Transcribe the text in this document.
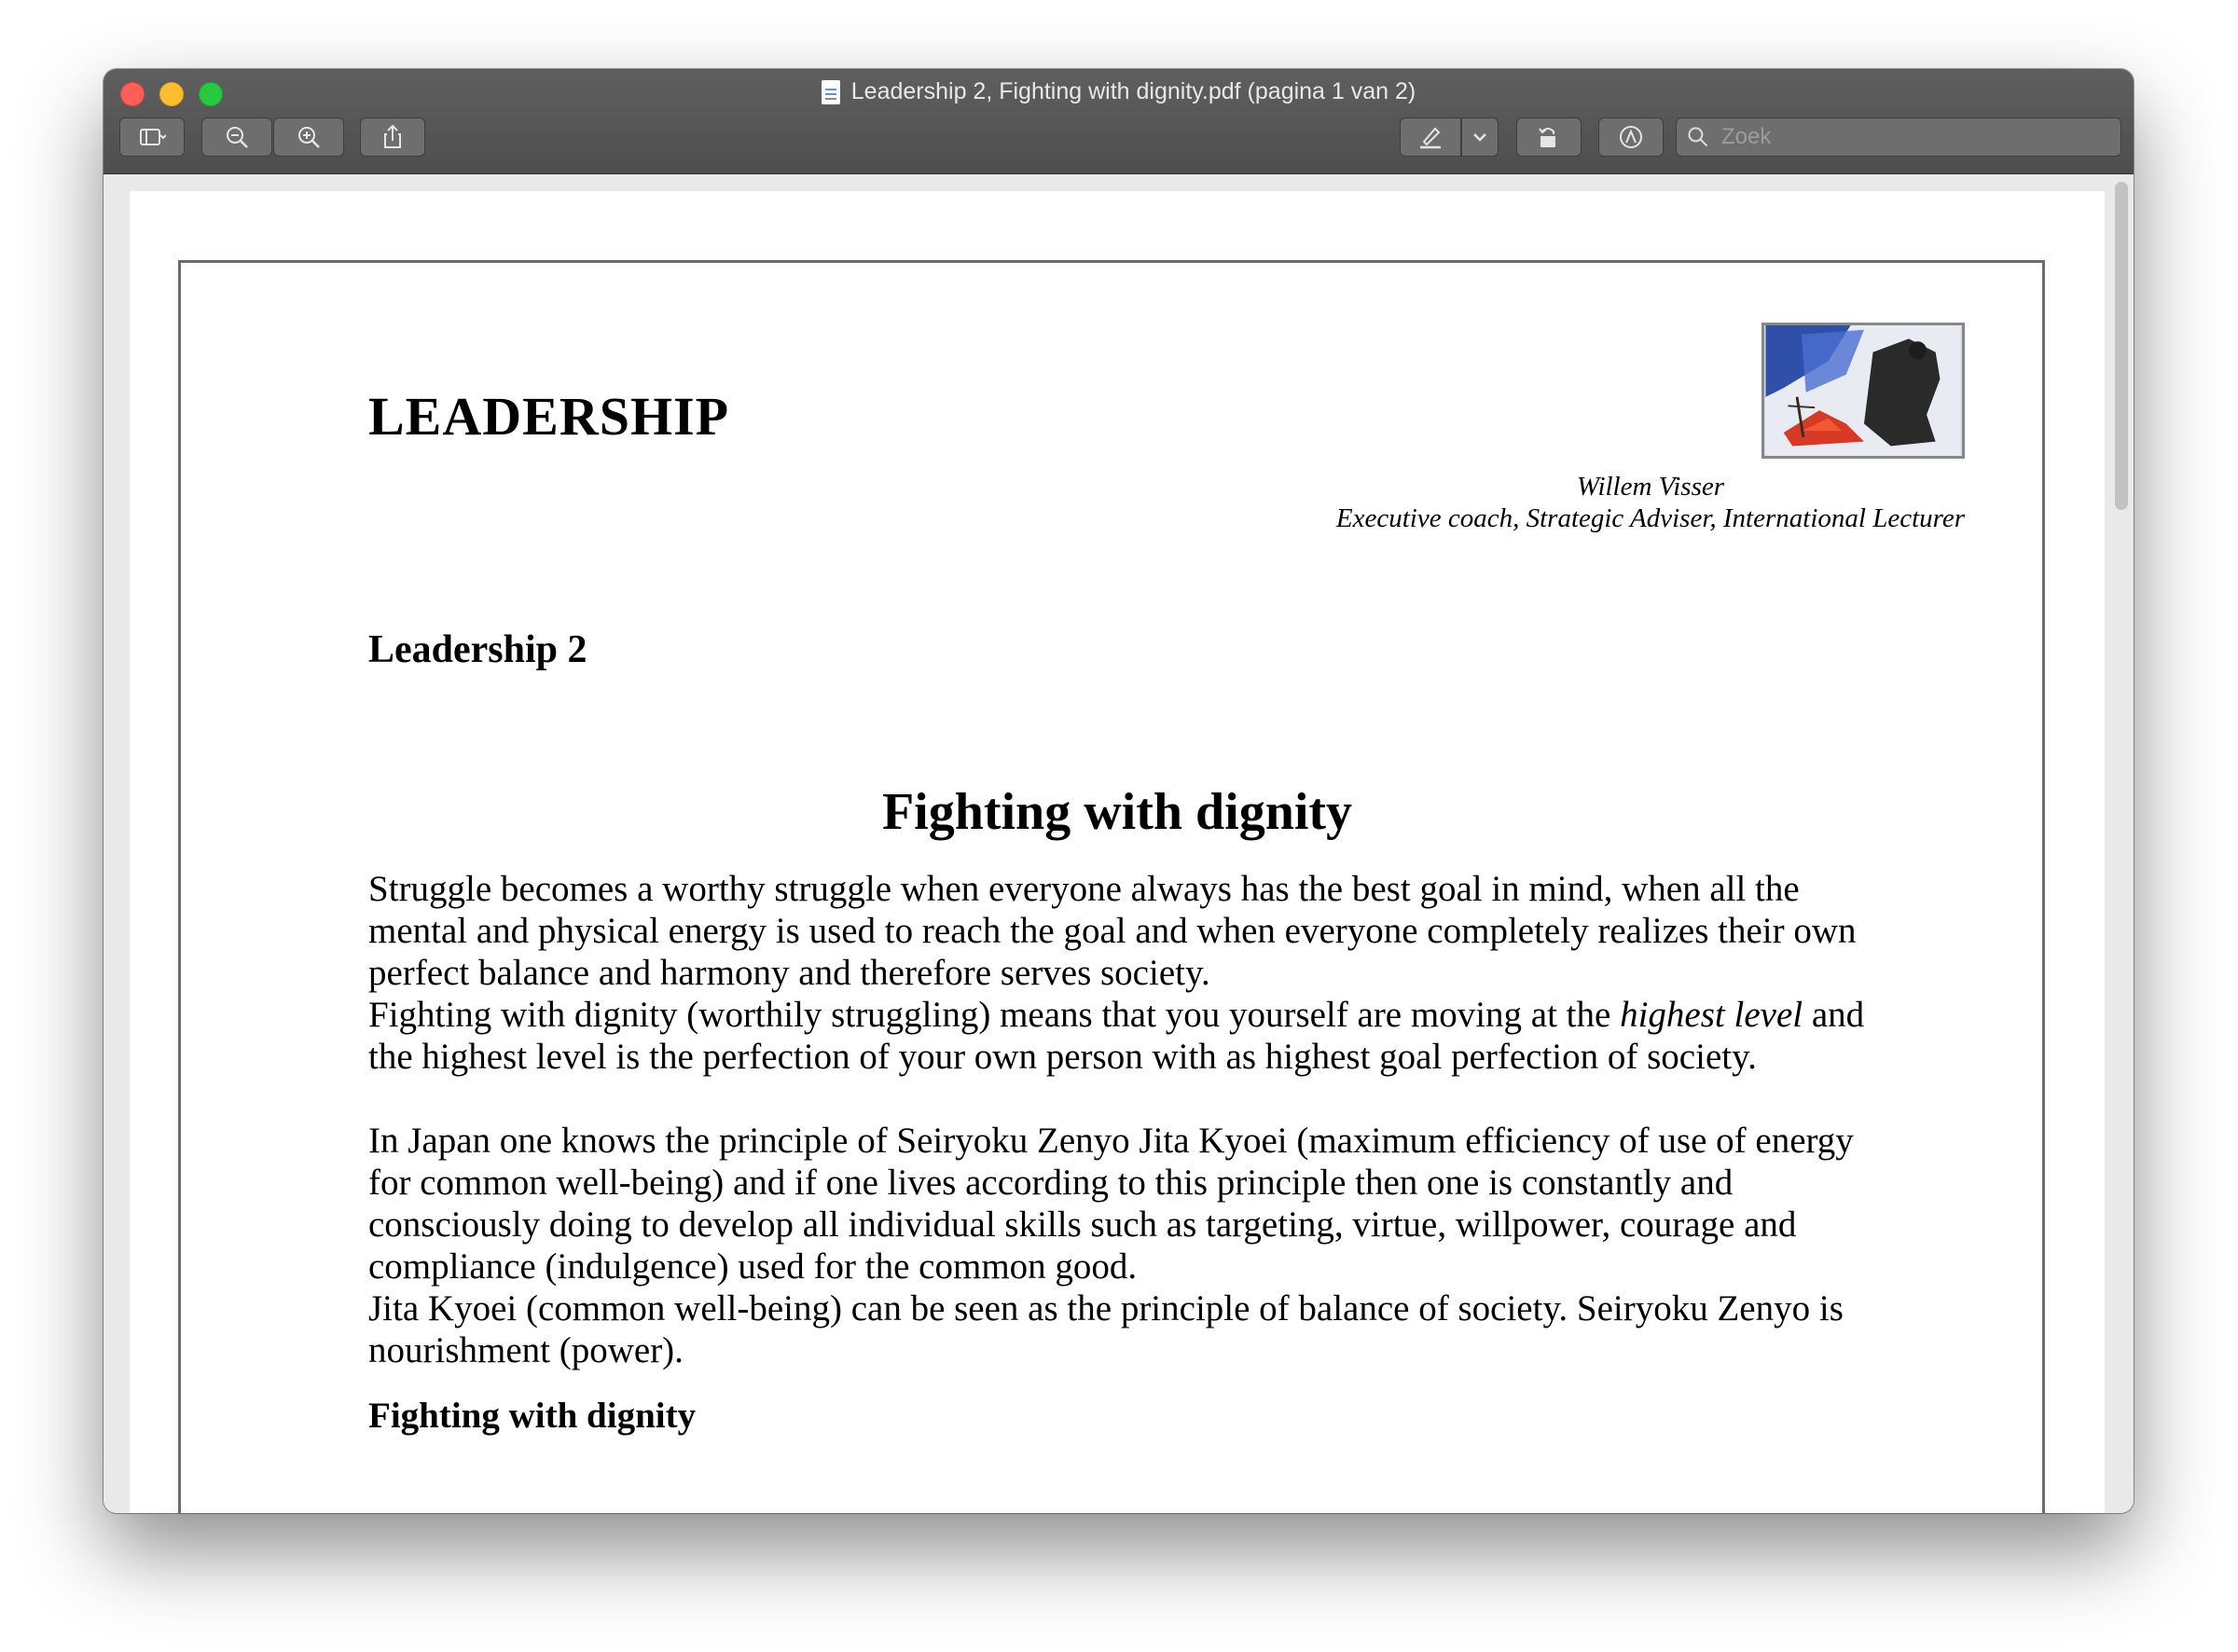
Leadership 2, Fighting with dignity.pdf (pagina 1 van 2)
Zoek
LEADERSHIP
Willem Visser
Executive coach, Strategic Adviser, International Lecturer
Leadership 2
Fighting with dignity

Struggle becomes a worthy struggle when everyone always has the best goal in mind, when all the mental and physical energy is used to reach the goal and when everyone completely realizes their own perfect balance and harmony and therefore serves society.

Fighting with dignity (worthily struggling) means that you yourself are moving at the highest level and the highest level is the perfection of your own person with as highest goal perfection of society.

In Japan one knows the principle of Seiryoku Zenyo Jita Kyoei (maximum efficiency of use of energy for common well-being) and if one lives according to this principle then one is constantly and consciously doing to develop all individual skills such as targeting, virtue, willpower, courage and compliance (indulgence) used for the common good.

Jita Kyoei (common well-being) can be seen as the principle of balance of society. Seiryoku Zenyo is nourishment (power).

Fighting with dignity
